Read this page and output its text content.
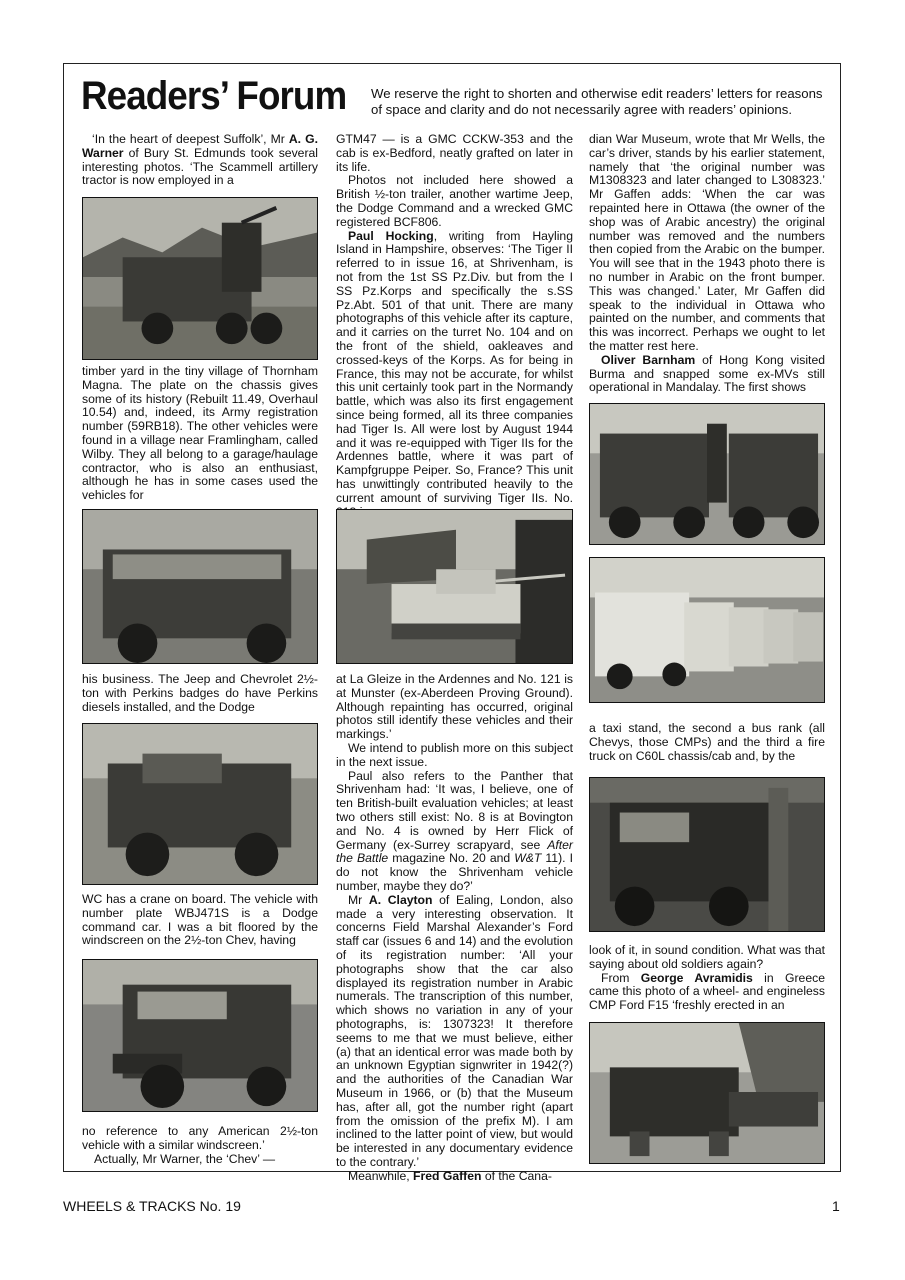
Readers’ Forum We reserve the right to shorten and otherwise edit readers’ letters for reasons of space and clarity and do not necessarily agree with readers’ opinions.

‘In the heart of deepest Suffolk’, Mr A. G. Warner of Bury St. Edmunds took several interesting photos. ‘The Scammell artillery tractor is now employed in a

timber yard in the tiny village of Thornham Magna. The plate on the chassis gives some of its history (Rebuilt 11.49, Overhaul 10.54) and, indeed, its Army registration number (59RB18). The other vehicles were found in a village near Framlingham, called Wilby. They all belong to a garage/haulage contractor, who is also an enthusiast, although he has in some cases used the vehicles for

his business. The Jeep and Chevrolet 2½-ton with Perkins badges do have Perkins diesels installed, and the Dodge

WC has a crane on board. The vehicle with number plate WBJ471S is a Dodge command car. I was a bit floored by the windscreen on the 2½-ton Chev, having

no reference to any American 2½-ton vehicle with a similar windscreen.’

Actually, Mr Warner, the ‘Chev’ —

GTM47 — is a GMC CCKW-353 and the cab is ex-Bedford, neatly grafted on later in its life.

Photos not included here showed a British ½-ton trailer, another wartime Jeep, the Dodge Command and a wrecked GMC registered BCF806.

Paul Hocking, writing from Hayling Island in Hampshire, observes: ‘The Tiger II referred to in issue 16, at Shrivenham, is not from the 1st SS Pz.Div. but from the I SS Pz.Korps and specifically the s.SS Pz.Abt. 501 of that unit. There are many photographs of this vehicle after its capture, and it carries on the turret No. 104 and on the front of the shield, oakleaves and crossed-keys of the Korps. As for being in France, this may not be accurate, for whilst this unit certainly took part in the Normandy battle, which was also its first engagement since being formed, all its three companies had Tiger Is. All were lost by August 1944 and it was re-equipped with Tiger IIs for the Ardennes battle, where it was part of Kampfgruppe Peiper. So, France? This unit has unwittingly contributed heavily to the current amount of surviving Tiger IIs. No.

at La Gleize in the Ardennes and No. 121 is at Munster (ex-Aberdeen Proving Ground). Although repainting has occurred, original photos still identify these vehicles and their markings.’

We intend to publish more on this subject in the next issue.

Paul also refers to the Panther that Shrivenham had: ‘It was, I believe, one of ten British-built evaluation vehicles; at least two others still exist: No. 8 is at Bovington and No. 4 is owned by Herr Flick of Germany (ex-Surrey scrapyard, see After the Battle magazine No. 20 and W&T 11). I do not know the Shrivenham vehicle number, maybe they do?’

Mr A. Clayton of Ealing, London, also made a very interesting observation. It concerns Field Marshal Alexander’s Ford staff car (issues 6 and 14) and the evolution of its registration number: ‘All your photographs show that the car also displayed its registration number in Arabic numerals. The transcription of this number, which shows no variation in any of your photographs, is: 1307323! It therefore seems to me that we must believe, either (a) that an identical error was made both by an unknown Egyptian signwriter in 1942(?) and the authorities of the Canadian War Museum in 1966, or (b) that the Museum has, after all, got the number right (apart from the omission of the prefix M). I am inclined to the latter point of view, but would be interested in any documentary evidence to the contrary.’

Meanwhile, Fred Gaffen of the Cana-

dian War Museum, wrote that Mr Wells, the car’s driver, stands by his earlier statement, namely that ‘the original number was M1308323 and later changed to L308323.’ Mr Gaffen adds: ‘When the car was repainted here in Ottawa (the owner of the shop was of Arabic ancestry) the original number was removed and the numbers then copied from the Arabic on the bumper. You will see that in the 1943 photo there is no number in Arabic on the front bumper. This was changed.’ Later, Mr Gaffen did speak to the individual in Ottawa who painted on the number, and comments that this was incorrect. Perhaps we ought to let the matter rest here.

Oliver Barnham of Hong Kong visited Burma and snapped some ex-MVs still operational in Mandalay. The first shows

a taxi stand, the second a bus rank (all Chevys, those CMPs) and the third a fire truck on C60L chassis/cab and, by the

look of it, in sound condition. What was that saying about old soldiers again?

From George Avramidis in Greece came this photo of a wheel- and engineless CMP Ford F15 ‘freshly erected in an

WHEELS & TRACKS No. 19	1
